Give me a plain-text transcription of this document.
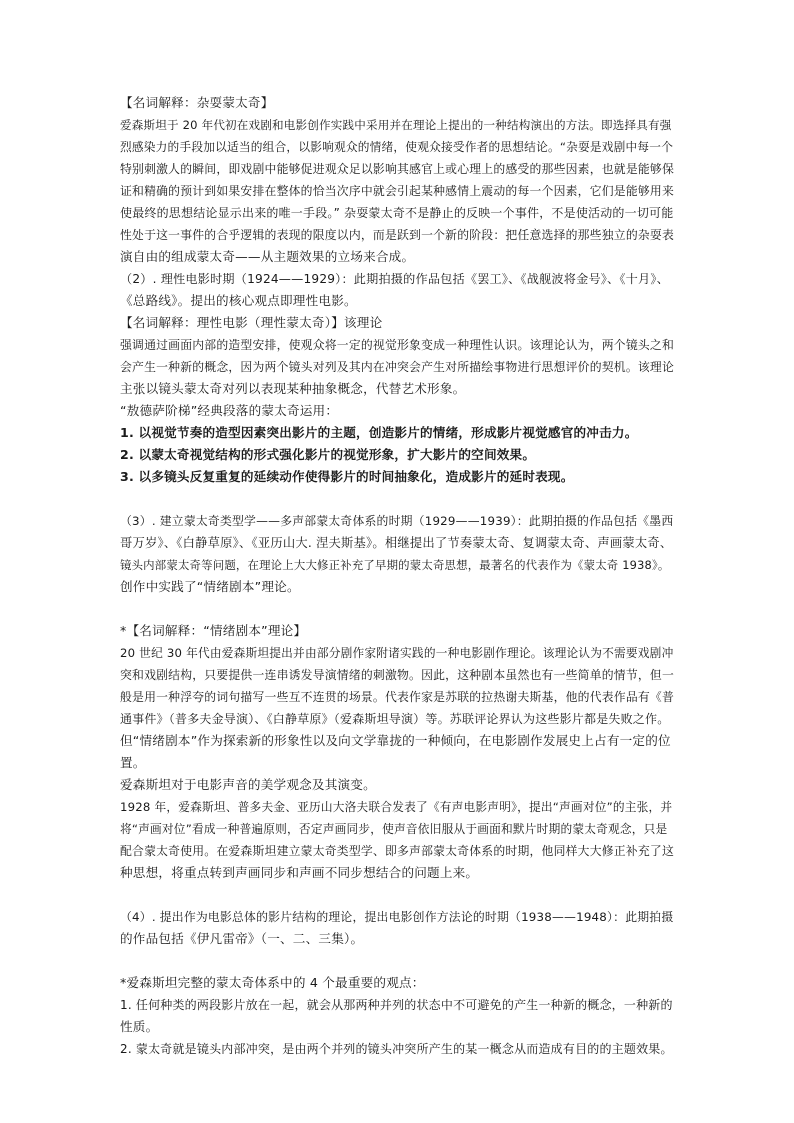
【名词解释：杂耍蒙太奇】
爱森斯坦于 20 年代初在戏剧和电影创作实践中采用并在理论上提出的一种结构演出的方法。即选择具有强
烈感染力的手段加以适当的组合，以影响观众的情绪，使观众接受作者的思想结论。“杂耍是戏剧中每一个
特别刺激人的瞬间，即戏剧中能够促进观众足以影响其感官上或心理上的感受的那些因素，也就是能够保
证和精确的预计到如果安排在整体的恰当次序中就会引起某种感情上震动的每一个因素，它们是能够用来
使最终的思想结论显示出来的唯一手段。” 杂耍蒙太奇不是静止的反映一个事件，不是使活动的一切可能
性处于这一事件的合乎逻辑的表现的限度以内，而是跃到一个新的阶段：把任意选择的那些独立的杂耍表
演自由的组成蒙太奇——从主题效果的立场来合成。
（2）. 理性电影时期（1924——1929）：此期拍摄的作品包括《罢工》、《战舰波将金号》、《十月》、
《总路线》。提出的核心观点即理性电影。
【名词解释：理性电影（理性蒙太奇）】该理论
强调通过画面内部的造型安排，使观众将一定的视觉形象变成一种理性认识。该理论认为，两个镜头之和
会产生一种新的概念，因为两个镜头对列及其内在冲突会产生对所描绘事物进行思想评价的契机。该理论
主张以镜头蒙太奇对列以表现某种抽象概念，代替艺术形象。
“敖德萨阶梯”经典段落的蒙太奇运用：
1. 以视觉节奏的造型因素突出影片的主题，创造影片的情绪，形成影片视觉感官的冲击力。
2. 以蒙太奇视觉结构的形式强化影片的视觉形象，扩大影片的空间效果。
3. 以多镜头反复重复的延续动作使得影片的时间抽象化，造成影片的延时表现。
（3）. 建立蒙太奇类型学——多声部蒙太奇体系的时期（1929——1939）：此期拍摄的作品包括《墨西
哥万岁》、《白静草原》、《亚历山大. 涅夫斯基》。相继提出了节奏蒙太奇、复调蒙太奇、声画蒙太奇、
镜头内部蒙太奇等问题，在理论上大大修正补充了早期的蒙太奇思想，最著名的代表作为《蒙太奇 1938》。
创作中实践了“情绪剧本”理论。
*【名词解释：“情绪剧本”理论】
20 世纪 30 年代由爱森斯坦提出并由部分剧作家附诸实践的一种电影剧作理论。该理论认为不需要戏剧冲
突和戏剧结构，只要提供一连串诱发导演情绪的刺激物。因此，这种剧本虽然也有一些简单的情节，但一
般是用一种浮夸的词句描写一些互不连贯的场景。代表作家是苏联的拉热谢夫斯基，他的代表作品有《普
通事件》（普多夫金导演）、《白静草原》（爱森斯坦导演）等。苏联评论界认为这些影片都是失败之作。
但“情绪剧本”作为探索新的形象性以及向文学靠拢的一种倾向，在电影剧作发展史上占有一定的位
置。
爱森斯坦对于电影声音的美学观念及其演变。
1928 年，爱森斯坦、普多夫金、亚历山大洛夫联合发表了《有声电影声明》，提出“声画对位”的主张，并
将“声画对位”看成一种普遍原则，否定声画同步，使声音依旧服从于画面和默片时期的蒙太奇观念，只是
配合蒙太奇使用。在爱森斯坦建立蒙太奇类型学、即多声部蒙太奇体系的时期，他同样大大修正补充了这
种思想，将重点转到声画同步和声画不同步想结合的问题上来。
（4）. 提出作为电影总体的影片结构的理论，提出电影创作方法论的时期（1938——1948）：此期拍摄
的作品包括《伊凡雷帝》（一、二、三集）。
*爱森斯坦完整的蒙太奇体系中的 4 个最重要的观点：
1. 任何种类的两段影片放在一起，就会从那两种并列的状态中不可避免的产生一种新的概念，一种新的
性质。
2. 蒙太奇就是镜头内部冲突，是由两个并列的镜头冲突所产生的某一概念从而造成有目的的主题效果。
